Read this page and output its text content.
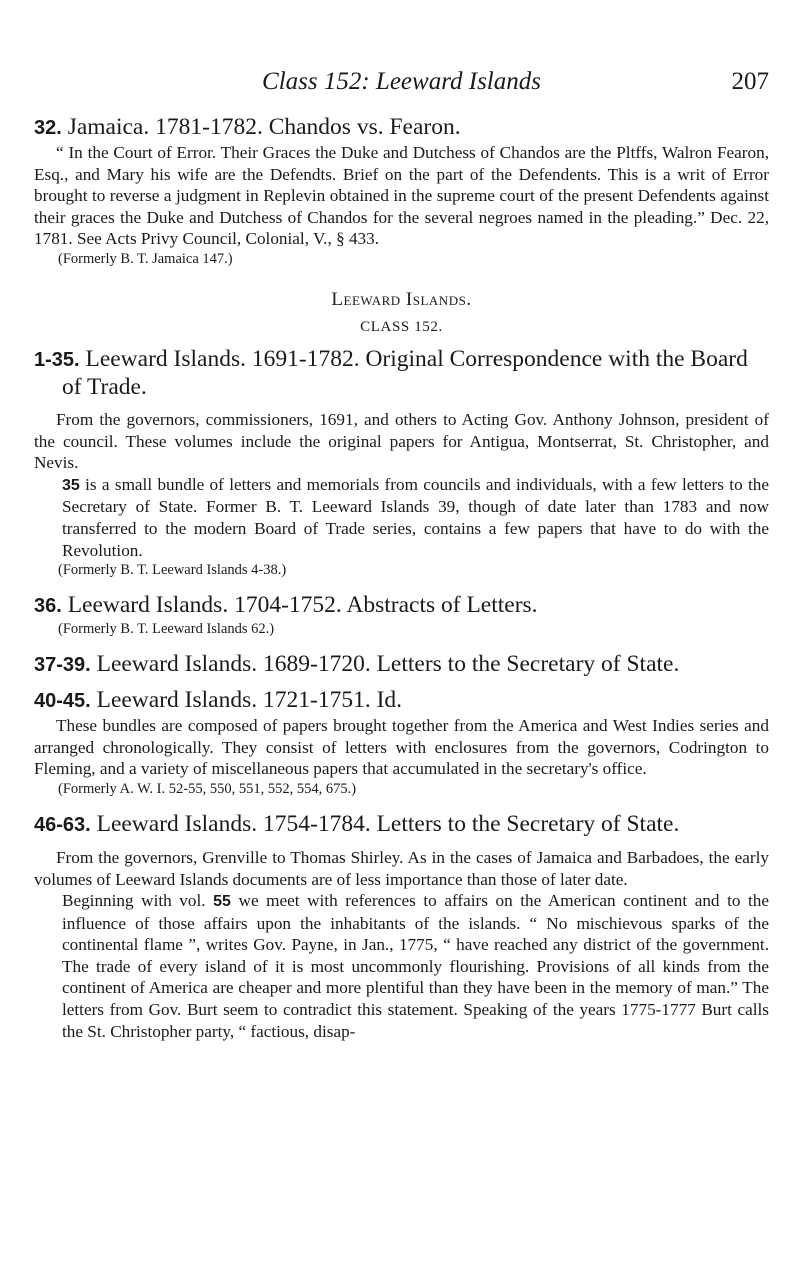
Class 152: Leeward Islands	207

32. Jamaica. 1781-1782. Chandos vs. Fearon.

“ In the Court of Error. Their Graces the Duke and Dutchess of Chandos are the Pltffs, Walron Fearon, Esq., and Mary his wife are the Defendts. Brief on the part of the Defendents. This is a writ of Error brought to reverse a judgment in Replevin obtained in the supreme court of the present Defendents against their graces the Duke and Dutchess of Chandos for the several negroes named in the pleading.” Dec. 22, 1781. See Acts Privy Council, Colonial, V., § 433.

(Formerly B. T. Jamaica 147.)

Leeward Islands.
CLASS 152.

1-35. Leeward Islands. 1691-1782. Original Correspondence with the Board of Trade.

From the governors, commissioners, 1691, and others to Acting Gov. Anthony Johnson, president of the council. These volumes include the original papers for Antigua, Montserrat, St. Christopher, and Nevis.

35 is a small bundle of letters and memorials from councils and individuals, with a few letters to the Secretary of State. Former B. T. Leeward Islands 39, though of date later than 1783 and now transferred to the modern Board of Trade series, contains a few papers that have to do with the Revolution.

(Formerly B. T. Leeward Islands 4-38.)

36. Leeward Islands. 1704-1752. Abstracts of Letters.

(Formerly B. T. Leeward Islands 62.)

37-39. Leeward Islands. 1689-1720. Letters to the Secretary of State.

40-45. Leeward Islands. 1721-1751. Id.

These bundles are composed of papers brought together from the America and West Indies series and arranged chronologically. They consist of letters with enclosures from the governors, Codrington to Fleming, and a variety of miscellaneous papers that accumulated in the secretary's office.

(Formerly A. W. I. 52-55, 550, 551, 552, 554, 675.)

46-63. Leeward Islands. 1754-1784. Letters to the Secretary of State.

From the governors, Grenville to Thomas Shirley. As in the cases of Jamaica and Barbadoes, the early volumes of Leeward Islands documents are of less importance than those of later date.

Beginning with vol. 55 we meet with references to affairs on the American continent and to the influence of those affairs upon the inhabitants of the islands. “ No mischievous sparks of the continental flame ”, writes Gov. Payne, in Jan., 1775, “ have reached any district of the government. The trade of every island of it is most uncommonly flourishing. Provisions of all kinds from the continent of America are cheaper and more plentiful than they have been in the memory of man.” The letters from Gov. Burt seem to contradict this statement. Speaking of the years 1775-1777 Burt calls the St. Christopher party, “ factious, disap-
